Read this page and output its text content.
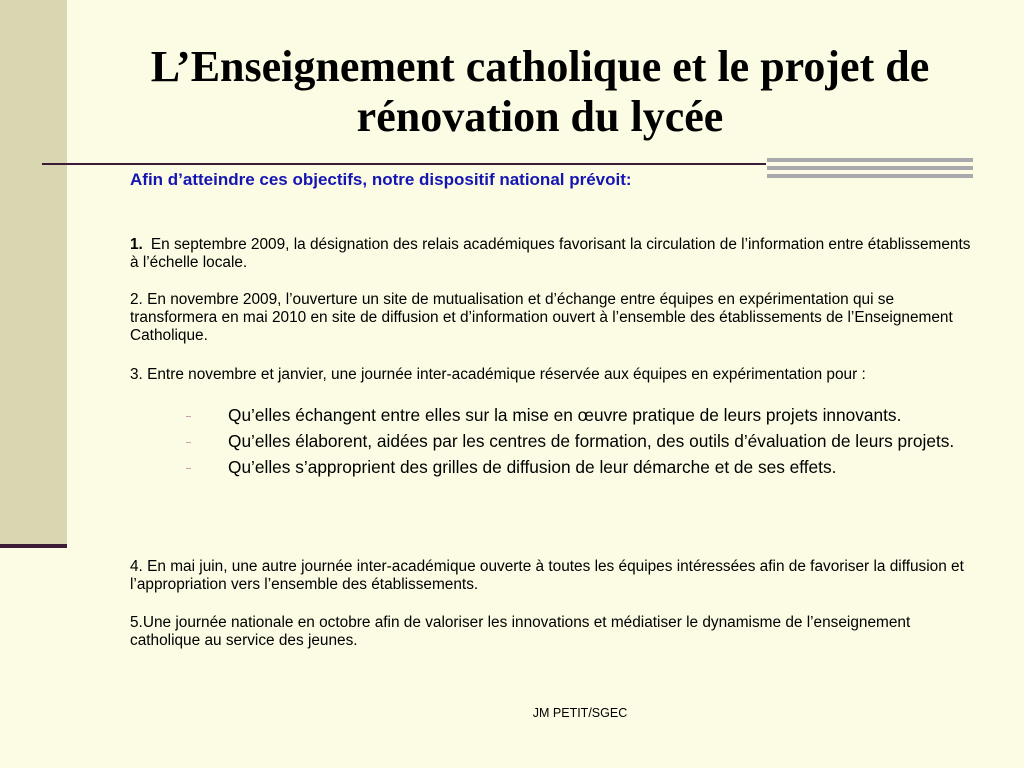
L’Enseignement catholique et le projet de rénovation du lycée

Afin d’atteindre ces objectifs, notre dispositif national prévoit:

1. En septembre 2009, la désignation des relais académiques favorisant la circulation de l’information entre établissements à l’échelle locale.

2. En novembre 2009, l’ouverture un site de mutualisation et d’échange entre équipes en expérimentation qui se transformera en mai 2010 en site de diffusion et d’information ouvert à l’ensemble des établissements de l’Enseignement Catholique.

3. Entre novembre et janvier, une journée inter-académique réservée aux équipes en expérimentation pour :

Qu’elles échangent entre elles sur la mise en œuvre pratique de leurs projets innovants.
Qu’elles élaborent, aidées par les centres de formation, des outils d’évaluation de leurs projets.
Qu’elles s’approprient des grilles de diffusion de leur démarche et de ses effets.

4. En mai juin, une autre journée inter-académique ouverte à toutes les équipes intéressées afin de favoriser la diffusion et l’appropriation vers l’ensemble des établissements.

5.Une journée nationale en octobre afin de valoriser les innovations et médiatiser le dynamisme de l’enseignement catholique au service des jeunes.

JM PETIT/SGEC
